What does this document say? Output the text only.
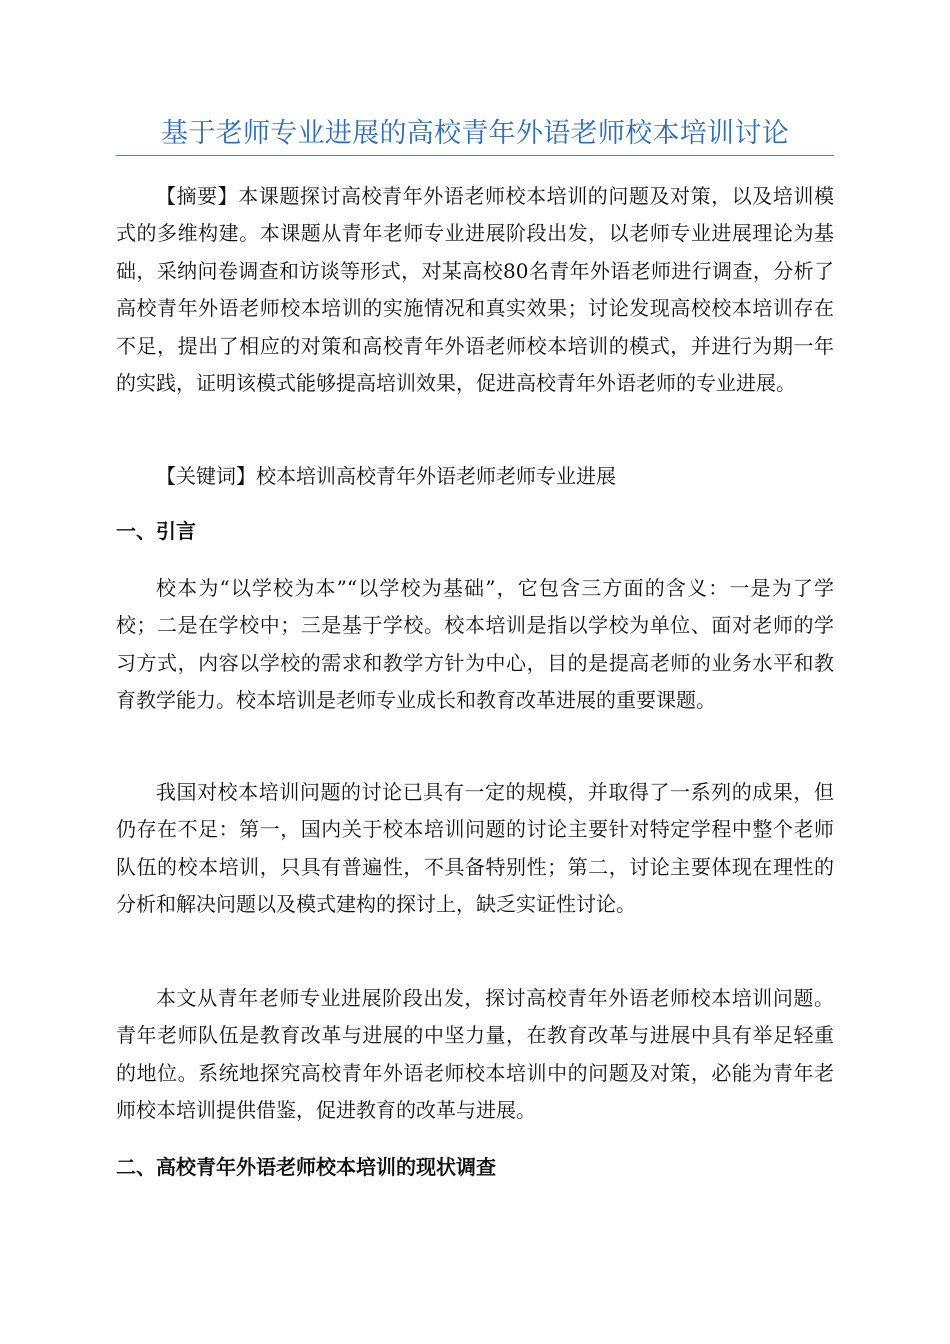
基于老师专业进展的高校青年外语老师校本培训讨论

【摘要】本课题探讨高校青年外语老师校本培训的问题及对策，以及培训模式的多维构建。本课题从青年老师专业进展阶段出发，以老师专业进展理论为基础，采纳问卷调查和访谈等形式，对某高校80名青年外语老师进行调查，分析了高校青年外语老师校本培训的实施情况和真实效果；讨论发现高校校本培训存在不足，提出了相应的对策和高校青年外语老师校本培训的模式，并进行为期一年的实践，证明该模式能够提高培训效果，促进高校青年外语老师的专业进展。

【关键词】校本培训高校青年外语老师老师专业进展

一、引言

校本为“以学校为本”“以学校为基础”，它包含三方面的含义：一是为了学校；二是在学校中；三是基于学校。校本培训是指以学校为单位、面对老师的学习方式，内容以学校的需求和教学方针为中心，目的是提高老师的业务水平和教育教学能力。校本培训是老师专业成长和教育改革进展的重要课题。

我国对校本培训问题的讨论已具有一定的规模，并取得了一系列的成果，但仍存在不足：第一，国内关于校本培训问题的讨论主要针对特定学程中整个老师队伍的校本培训，只具有普遍性，不具备特别性；第二，讨论主要体现在理性的分析和解决问题以及模式建构的探讨上，缺乏实证性讨论。

本文从青年老师专业进展阶段出发，探讨高校青年外语老师校本培训问题。青年老师队伍是教育改革与进展的中坚力量，在教育改革与进展中具有举足轻重的地位。系统地探究高校青年外语老师校本培训中的问题及对策，必能为青年老师校本培训提供借鉴，促进教育的改革与进展。

二、高校青年外语老师校本培训的现状调查
